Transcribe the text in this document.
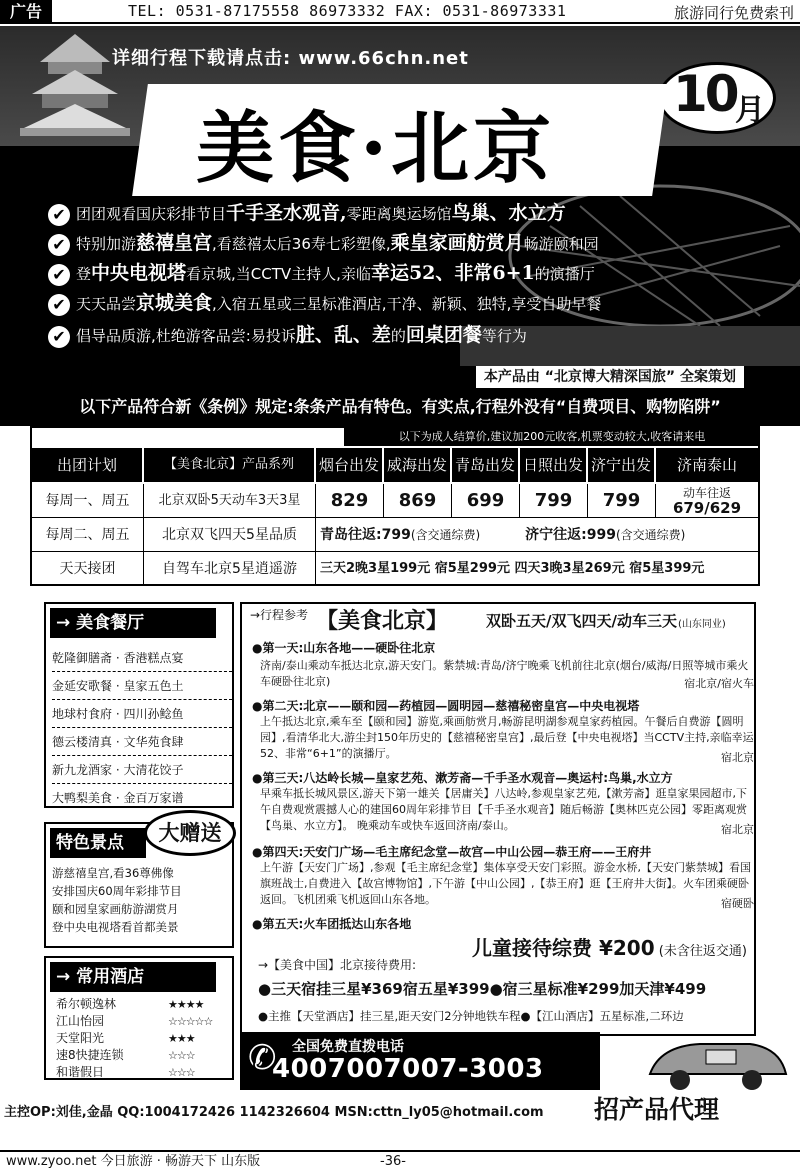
广告	TEL: 0531-87175558 86973332 FAX: 0531-86973331	旅游同行免费索刊
详细行程下载请点击: www.66chn.net
10
月
美食·北京
✔ 团团观看国庆彩排节目千手圣水观音,零距离奥运场馆鸟巢、水立方
✔ 特别加游慈禧皇宫,看慈禧太后36寿七彩塑像,乘皇家画舫赏月畅游颐和园
✔ 登中央电视塔看京城,当CCTV主持人,亲临幸运52、非常6+1的演播厅
✔ 天天品尝京城美食,入宿五星或三星标准酒店,干净、新颖、独特,享受自助早餐
✔ 倡导品质游,杜绝游客品尝:易投诉脏、乱、差的回桌团餐等行为
本产品由 “北京博大精深国旅” 全案策划
以下产品符合新《条例》规定:条条产品有特色。有实点,行程外没有“自费项目、购物陷阱”
以下为成人结算价,建议加200元收客,机票变动较大,收客请来电
出团计划	【美食北京】产品系列	烟台出发 威海出发 青岛出发 日照出发 济宁出发	济南泰山
每周一、周五	北京双卧5天动车3天3星	829	869	699	799	799	动车往返
679/629
每周二、周五	北京双飞四天5星品质	青岛往返:799(含交通综费)	济宁往返:999(含交通综费)
天天接团	自驾车北京5星逍遥游	三天2晚3星199元 宿5星299元 四天3晚3星269元 宿5星399元
→ 美食餐厅
乾隆御膳斋 · 香港糕点宴
金延安歌餐 · 皇家五色土
地球村食府 · 四川孙鲶鱼
德云楼清真 · 文华苑食肆
新九龙酒家 · 大清花饺子
大鸭梨美食 · 金百万家谱
特色景点
游慈禧皇宫,看36尊佛像
安排国庆60周年彩排节目
颐和园皇家画舫游湖赏月
登中央电视塔看首都美景
大赠送
→ 常用酒店
希尔顿逸林	★★★★
江山怡园	☆☆☆☆☆
天堂阳光	★★★
速8快捷连锁	☆☆☆
和谐假日	☆☆☆
→行程参考 【美食北京】	双卧五天/双飞四天/动车三天 (山东同业)
●第一天:山东各地——硬卧往北京
济南/泰山乘动车抵达北京,游天安门。紫禁城:青岛/济宁晚乘飞机前往北京(烟台/威海/日照等城市乘火车硬卧往北京)	宿北京/宿火车
●第二天:北京——颐和园—药植园—圆明园—慈禧秘密皇宫—中央电视塔
上午抵达北京,乘车至【颐和园】游览,乘画舫赏月,畅游昆明湖参观皇家药植园。午餐后自费游【圆明园】,看清华北大,游尘封150年历史的【慈禧秘密皇宫】,最后登【中央电视塔】当CCTV主持,亲临幸运52、非常“6+1”的演播厅。	宿北京
●第三天:八达岭长城—皇家艺苑、漱芳斋—千手圣水观音—奥运村:鸟巢,水立方
早乘车抵长城风景区,游天下第一雄关【居庸关】八达岭,参观皇家艺苑,【漱芳斋】逛皇家果园超市,下午自费观赏震撼人心的建国60周年彩排节目【千手圣水观音】随后畅游【奥林匹克公园】零距离观赏【鸟巢、水立方】。 晚乘动车或快车返回济南/泰山。	宿北京
●第四天:天安门广场—毛主席纪念堂—故宫—中山公园—恭王府——王府井
上午游【天安门广场】,参观【毛主席纪念堂】集体享受天安门彩照。游金水桥,【天安门紫禁城】看国旗班战士,自费进入【故宫博物馆】,下午游【中山公园】,【恭王府】逛【王府井大街】。火车团乘硬卧返回。飞机团乘飞机返回山东各地。	宿硬卧
●第五天:火车团抵达山东各地
儿童接待综费 ¥200 (未含往返交通)
→【美食中国】北京接待费用:
●三天宿挂三星¥369宿五星¥399●宿三星标准¥299加天津¥499
●主推【天堂酒店】挂三星,距天安门2分钟地铁车程●【江山酒店】五星标准,二环边
✆ 全国免费直拨电话
4007007007-3003
招产品代理
主控OP:刘佳,金晶 QQ:1004172426 1142326604 MSN:cttn_ly05@hotmail.com
www.zyoo.net 今日旅游 · 畅游天下 山东版	-36-
